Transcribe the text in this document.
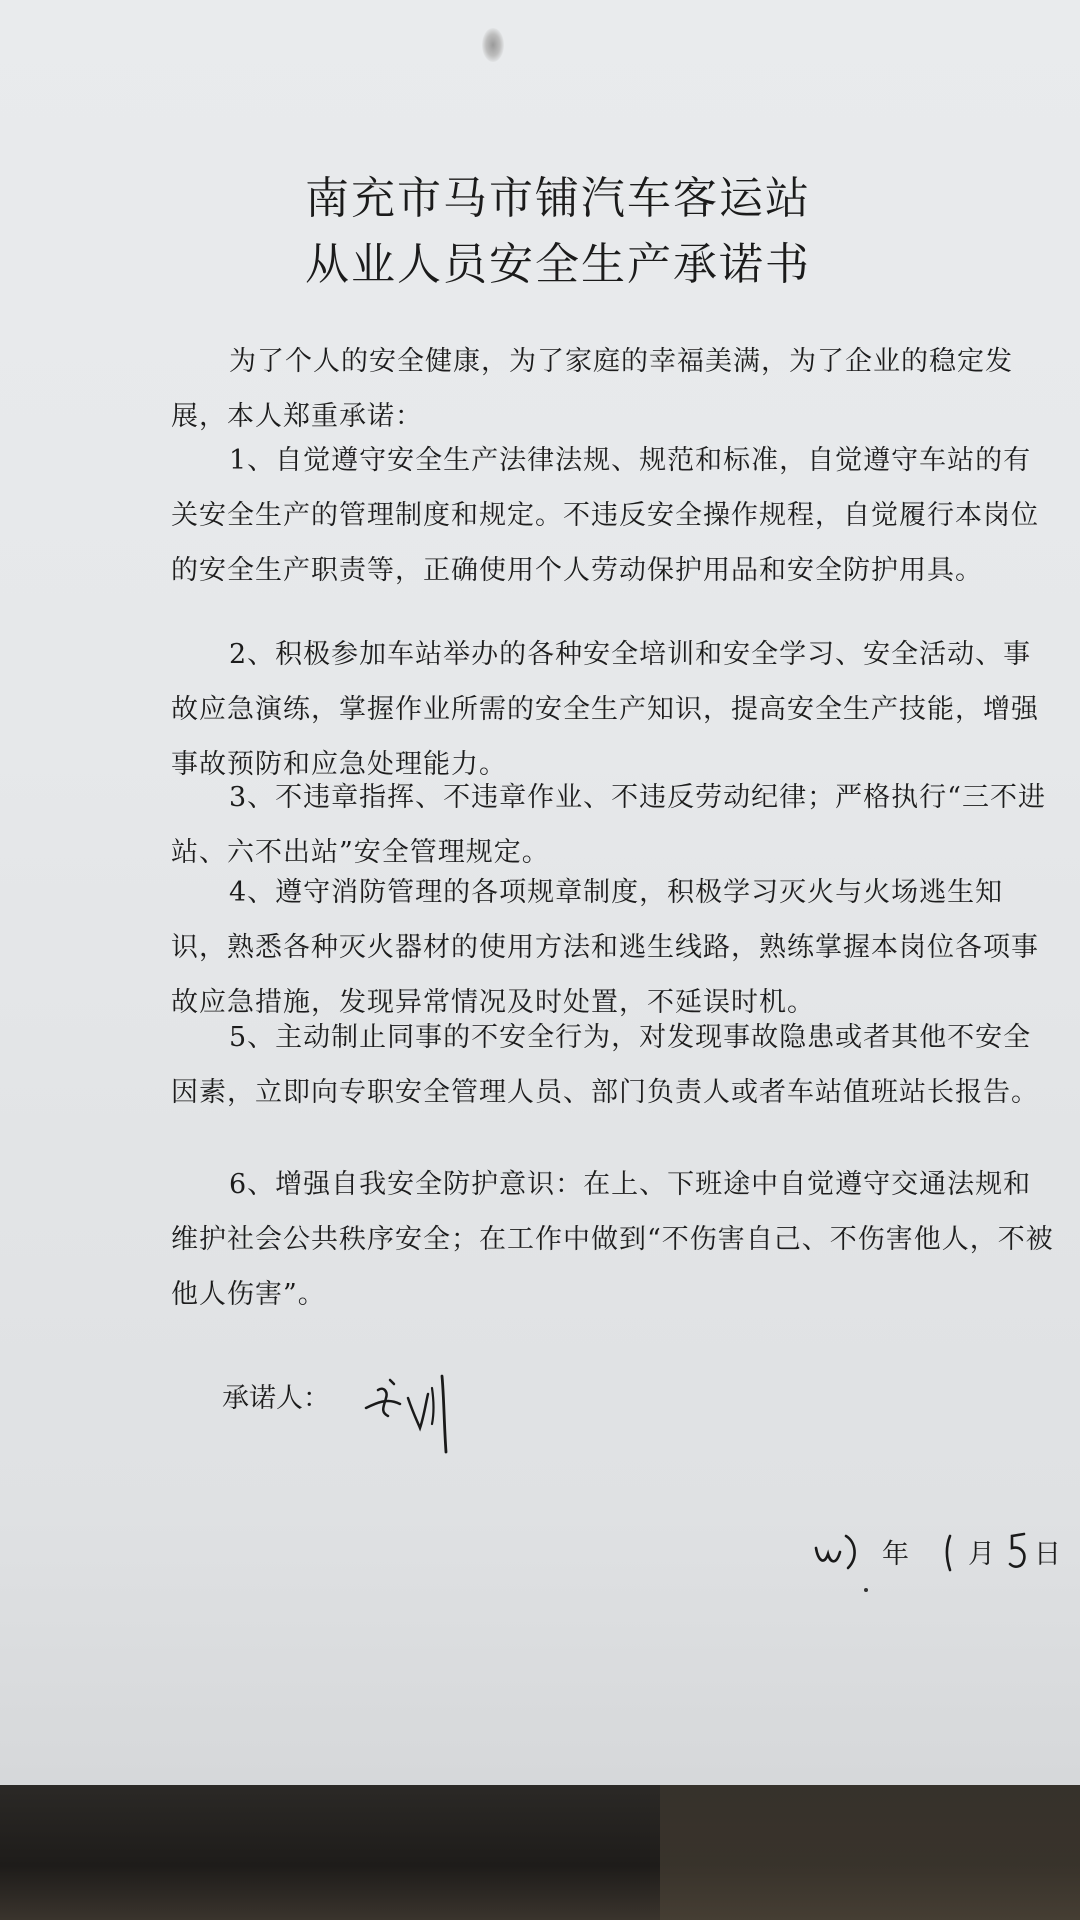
南充市马市铺汽车客运站
从业人员安全生产承诺书
为了个人的安全健康，为了家庭的幸福美满，为了企业的稳定发展，本人郑重承诺：
1、自觉遵守安全生产法律法规、规范和标准，自觉遵守车站的有关安全生产的管理制度和规定。不违反安全操作规程，自觉履行本岗位的安全生产职责等，正确使用个人劳动保护用品和安全防护用具。
2、积极参加车站举办的各种安全培训和安全学习、安全活动、事故应急演练，掌握作业所需的安全生产知识，提高安全生产技能，增强事故预防和应急处理能力。
3、不违章指挥、不违章作业、不违反劳动纪律；严格执行“三不进站、六不出站”安全管理规定。
4、遵守消防管理的各项规章制度，积极学习灭火与火场逃生知识，熟悉各种灭火器材的使用方法和逃生线路，熟练掌握本岗位各项事故应急措施，发现异常情况及时处置，不延误时机。
5、主动制止同事的不安全行为，对发现事故隐患或者其他不安全因素，立即向专职安全管理人员、部门负责人或者车站值班站长报告。
6、增强自我安全防护意识：在上、下班途中自觉遵守交通法规和维护社会公共秩序安全；在工作中做到“不伤害自己、不伤害他人，不被他人伤害”。
承诺人：
年 月 日
